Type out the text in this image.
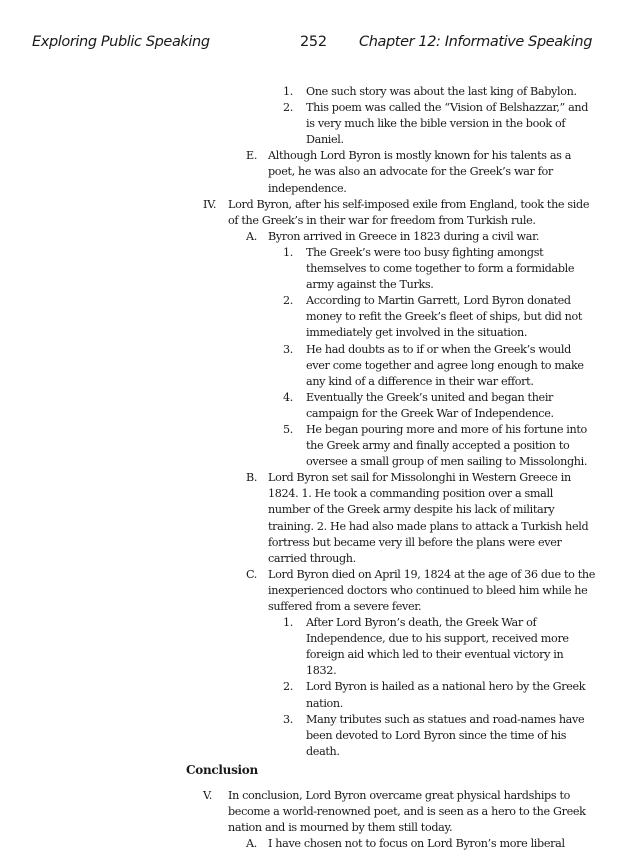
Exploring Public Speaking	252 Chapter 12: Informative Speaking
1. One such story was about the last king of Babylon.
2. This poem was called the “Vision of Belshazzar,” and is very much like the bible version in the book of Daniel.
E. Although Lord Byron is mostly known for his talents as a poet, he was also an advocate for the Greek’s war for independence.
IV. Lord Byron, after his self-imposed exile from England, took the side of the Greek’s in their war for freedom from Turkish rule.
A. Byron arrived in Greece in 1823 during a civil war.
1. The Greek’s were too busy fighting amongst themselves to come together to form a formidable army against the Turks.
2. According to Martin Garrett, Lord Byron donated money to refit the Greek’s fleet of ships, but did not immediately get involved in the situation.
3. He had doubts as to if or when the Greek’s would ever come together and agree long enough to make any kind of a difference in their war effort.
4. Eventually the Greek’s united and began their campaign for the Greek War of Independence.
5. He began pouring more and more of his fortune into the Greek army and finally accepted a position to oversee a small group of men sailing to Missolonghi.
B. Lord Byron set sail for Missolonghi in Western Greece in 1824. 1. He took a commanding position over a small number of the Greek army despite his lack of military training. 2. He had also made plans to attack a Turkish held fortress but became very ill before the plans were ever carried through.
C. Lord Byron died on April 19, 1824 at the age of 36 due to the inexperienced doctors who continued to bleed him while he suffered from a severe fever.
1. After Lord Byron’s death, the Greek War of Independence, due to his support, received more foreign aid which led to their eventual victory in 1832.
2. Lord Byron is hailed as a national hero by the Greek nation.
3. Many tributes such as statues and road-names have been devoted to Lord Byron since the time of his death.
Conclusion
V. In conclusion, Lord Byron overcame great physical hardships to become a world-renowned poet, and is seen as a hero to the Greek nation and is mourned by them still today.
A. I have chosen not to focus on Lord Byron’s more liberal
